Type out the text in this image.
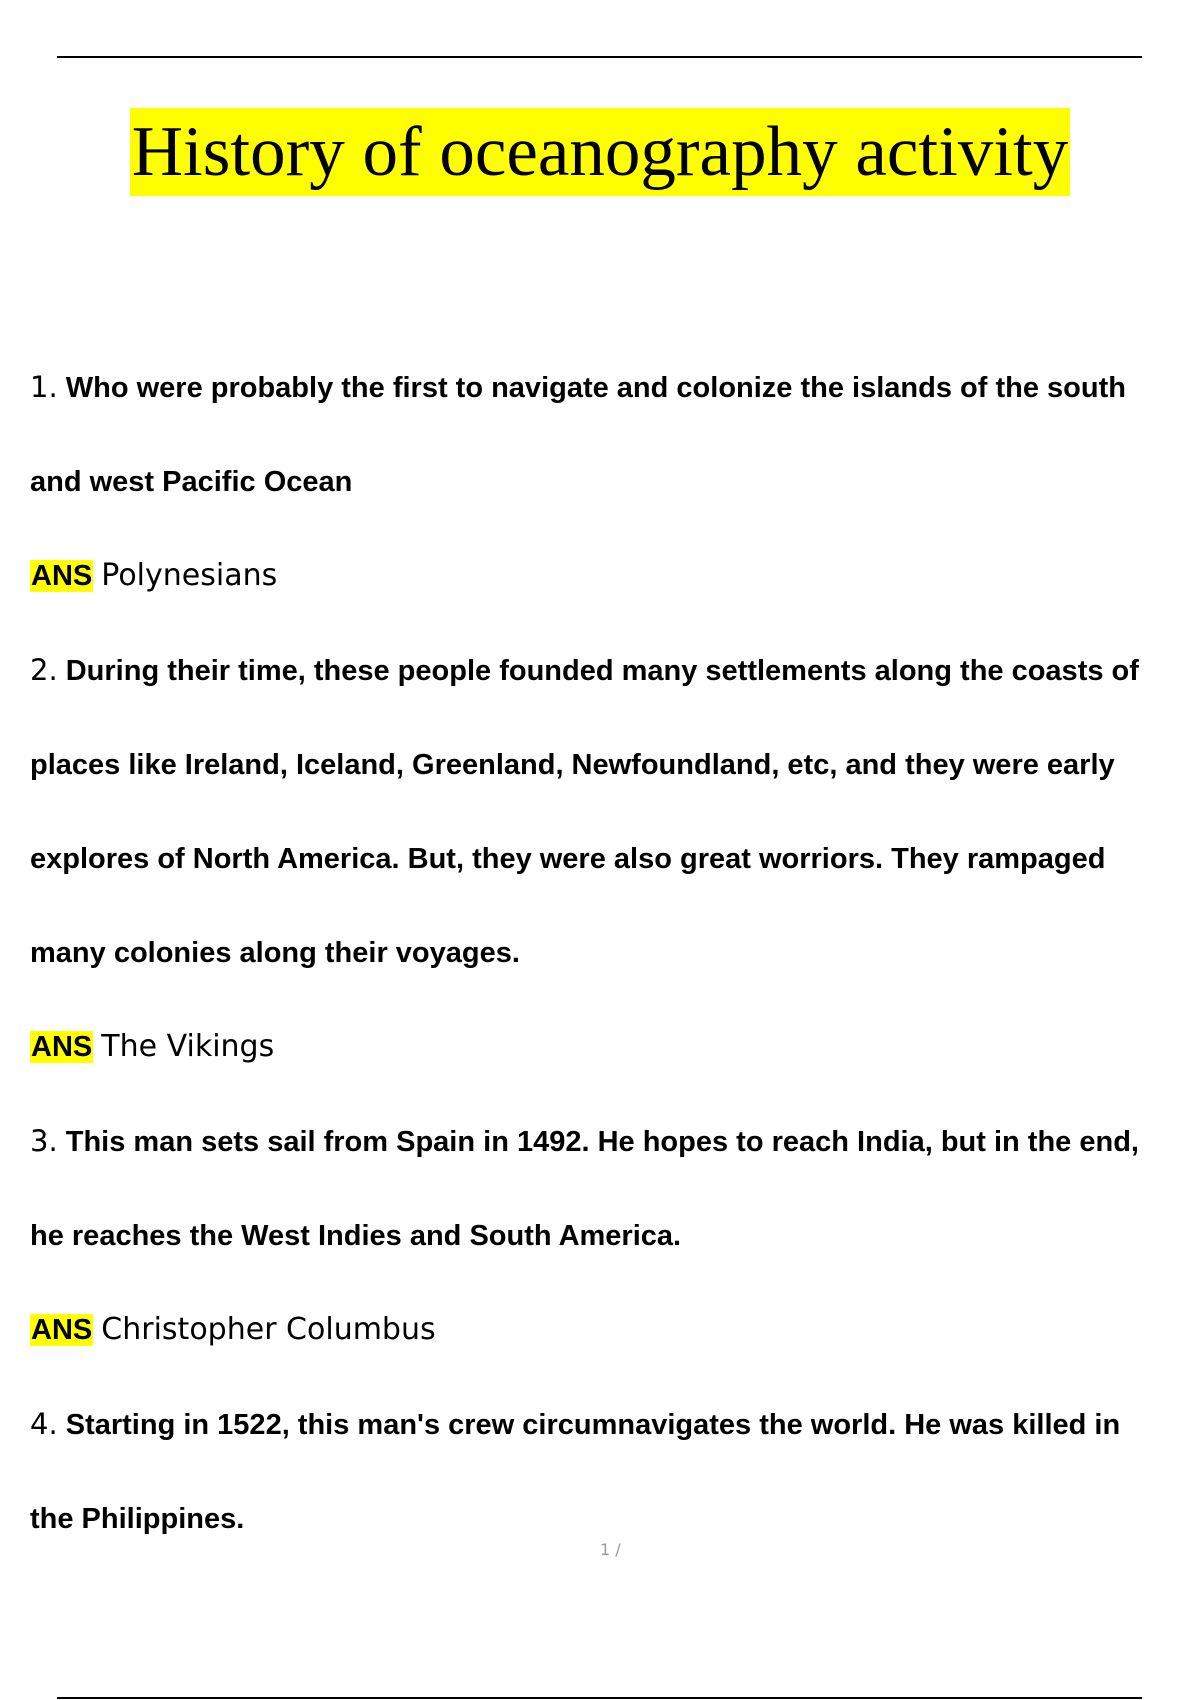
History of oceanography activity

1. Who were probably the first to navigate and colonize the islands of the south and west Pacific Ocean

ANS Polynesians

2. During their time, these people founded many settlements along the coasts of places like Ireland, Iceland, Greenland, Newfoundland, etc, and they were early explores of North America. But, they were also great worriors. They rampaged many colonies along their voyages.

ANS The Vikings

3. This man sets sail from Spain in 1492. He hopes to reach India, but in the end, he reaches the West Indies and South America.

ANS Christopher Columbus

4. Starting in 1522, this man's crew circumnavigates the world. He was killed in the Philippines.

1 /
